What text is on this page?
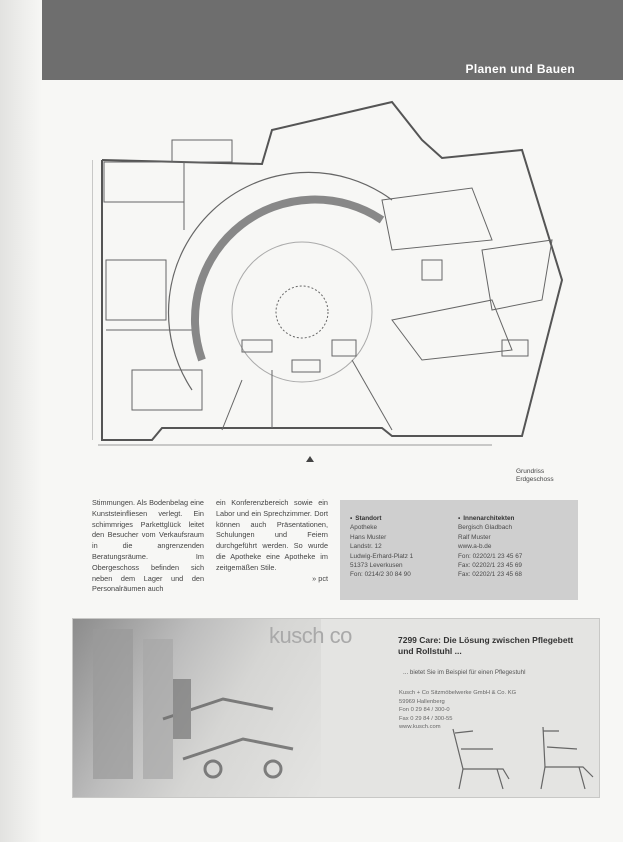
Planen und Bauen
Grundriss
Erdgeschoss

Stimmungen. Als Bodenbelag eine Kunststeinfliesen verlegt. Ein schimmriges Parkettglück leitet den Besucher vom Verkaufsraum in die angrenzenden Beratungsräume. Im Obergeschoss befinden sich neben dem Lager und den Personalräumen auch

ein Konferenzbereich sowie ein Labor und ein Sprechzimmer. Dort können auch Präsentationen, Schulungen und Feiern durchgeführt werden. So wurde die Apotheke eine Apotheke im zeitgemäßen Stile.

» pct

▪ Standort
Apotheke
Hans Muster
Landstr. 12
Ludwig-Erhard-Platz 1
51373 Leverkusen
Fon: 0214/2 30 84 90
▪ Innenarchitekten
Bergisch Gladbach
Ralf Muster
www.a-b.de
Fon: 02202/1 23 45 67
Fax: 02202/1 23 45 69
Fax: 02202/1 23 45 68
kusch co	7299 Care: Die Lösung zwischen Pflegebett und Rollstuhl ...
... bietet Sie im Beispiel für einen Pflegestuhl
Kusch + Co Sitzmöbelwerke GmbH & Co. KG
59969 Hallenberg
Fon 0 29 84 / 300-0
Fax 0 29 84 / 300-55
www.kusch.com
